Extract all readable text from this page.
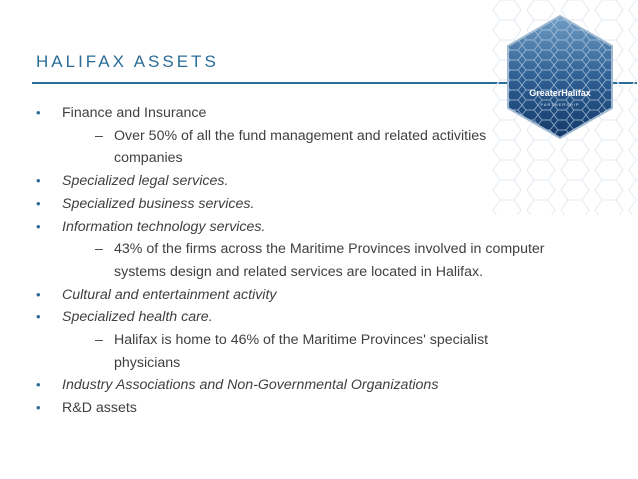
HALIFAX ASSETS
GreaterHalifax
PARTNERSHIP
• Finance and Insurance
– Over 50% of all the fund management and related activities companies
• Specialized legal services.
• Specialized business services.
• Information technology services.
– 43% of the firms across the Maritime Provinces involved in computer systems design and related services are located in Halifax.
• Cultural and entertainment activity
• Specialized health care.
– Halifax is home to 46% of the Maritime Provinces' specialist physicians
• Industry Associations and Non-Governmental Organizations
• R&D assets
